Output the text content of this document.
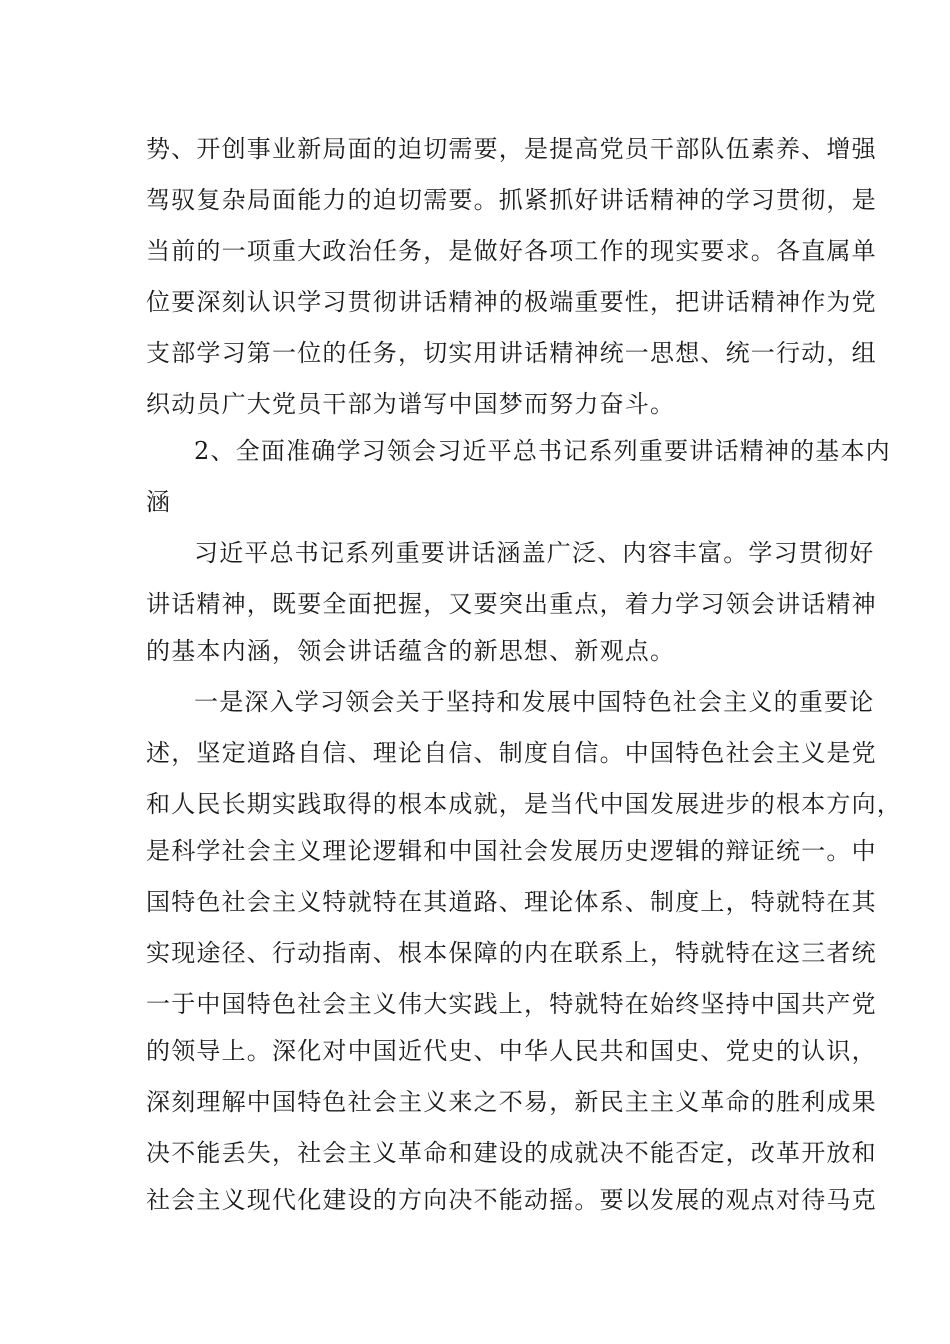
势、开创事业新局面的迫切需要，是提高党员干部队伍素养、增强
驾驭复杂局面能力的迫切需要。抓紧抓好讲话精神的学习贯彻，是
当前的一项重大政治任务，是做好各项工作的现实要求。各直属单
位要深刻认识学习贯彻讲话精神的极端重要性，把讲话精神作为党
支部学习第一位的任务，切实用讲话精神统一思想、统一行动，组
织动员广大党员干部为谱写中国梦而努力奋斗。
2、全面准确学习领会习近平总书记系列重要讲话精神的基本内
涵
习近平总书记系列重要讲话涵盖广泛、内容丰富。学习贯彻好
讲话精神，既要全面把握，又要突出重点，着力学习领会讲话精神
的基本内涵，领会讲话蕴含的新思想、新观点。
一是深入学习领会关于坚持和发展中国特色社会主义的重要论
述，坚定道路自信、理论自信、制度自信。中国特色社会主义是党
和人民长期实践取得的根本成就，是当代中国发展进步的根本方向，
是科学社会主义理论逻辑和中国社会发展历史逻辑的辩证统一。中
国特色社会主义特就特在其道路、理论体系、制度上，特就特在其
实现途径、行动指南、根本保障的内在联系上，特就特在这三者统
一于中国特色社会主义伟大实践上，特就特在始终坚持中国共产党
的领导上。深化对中国近代史、中华人民共和国史、党史的认识，
深刻理解中国特色社会主义来之不易，新民主主义革命的胜利成果
决不能丢失，社会主义革命和建设的成就决不能否定，改革开放和
社会主义现代化建设的方向决不能动摇。要以发展的观点对待马克
